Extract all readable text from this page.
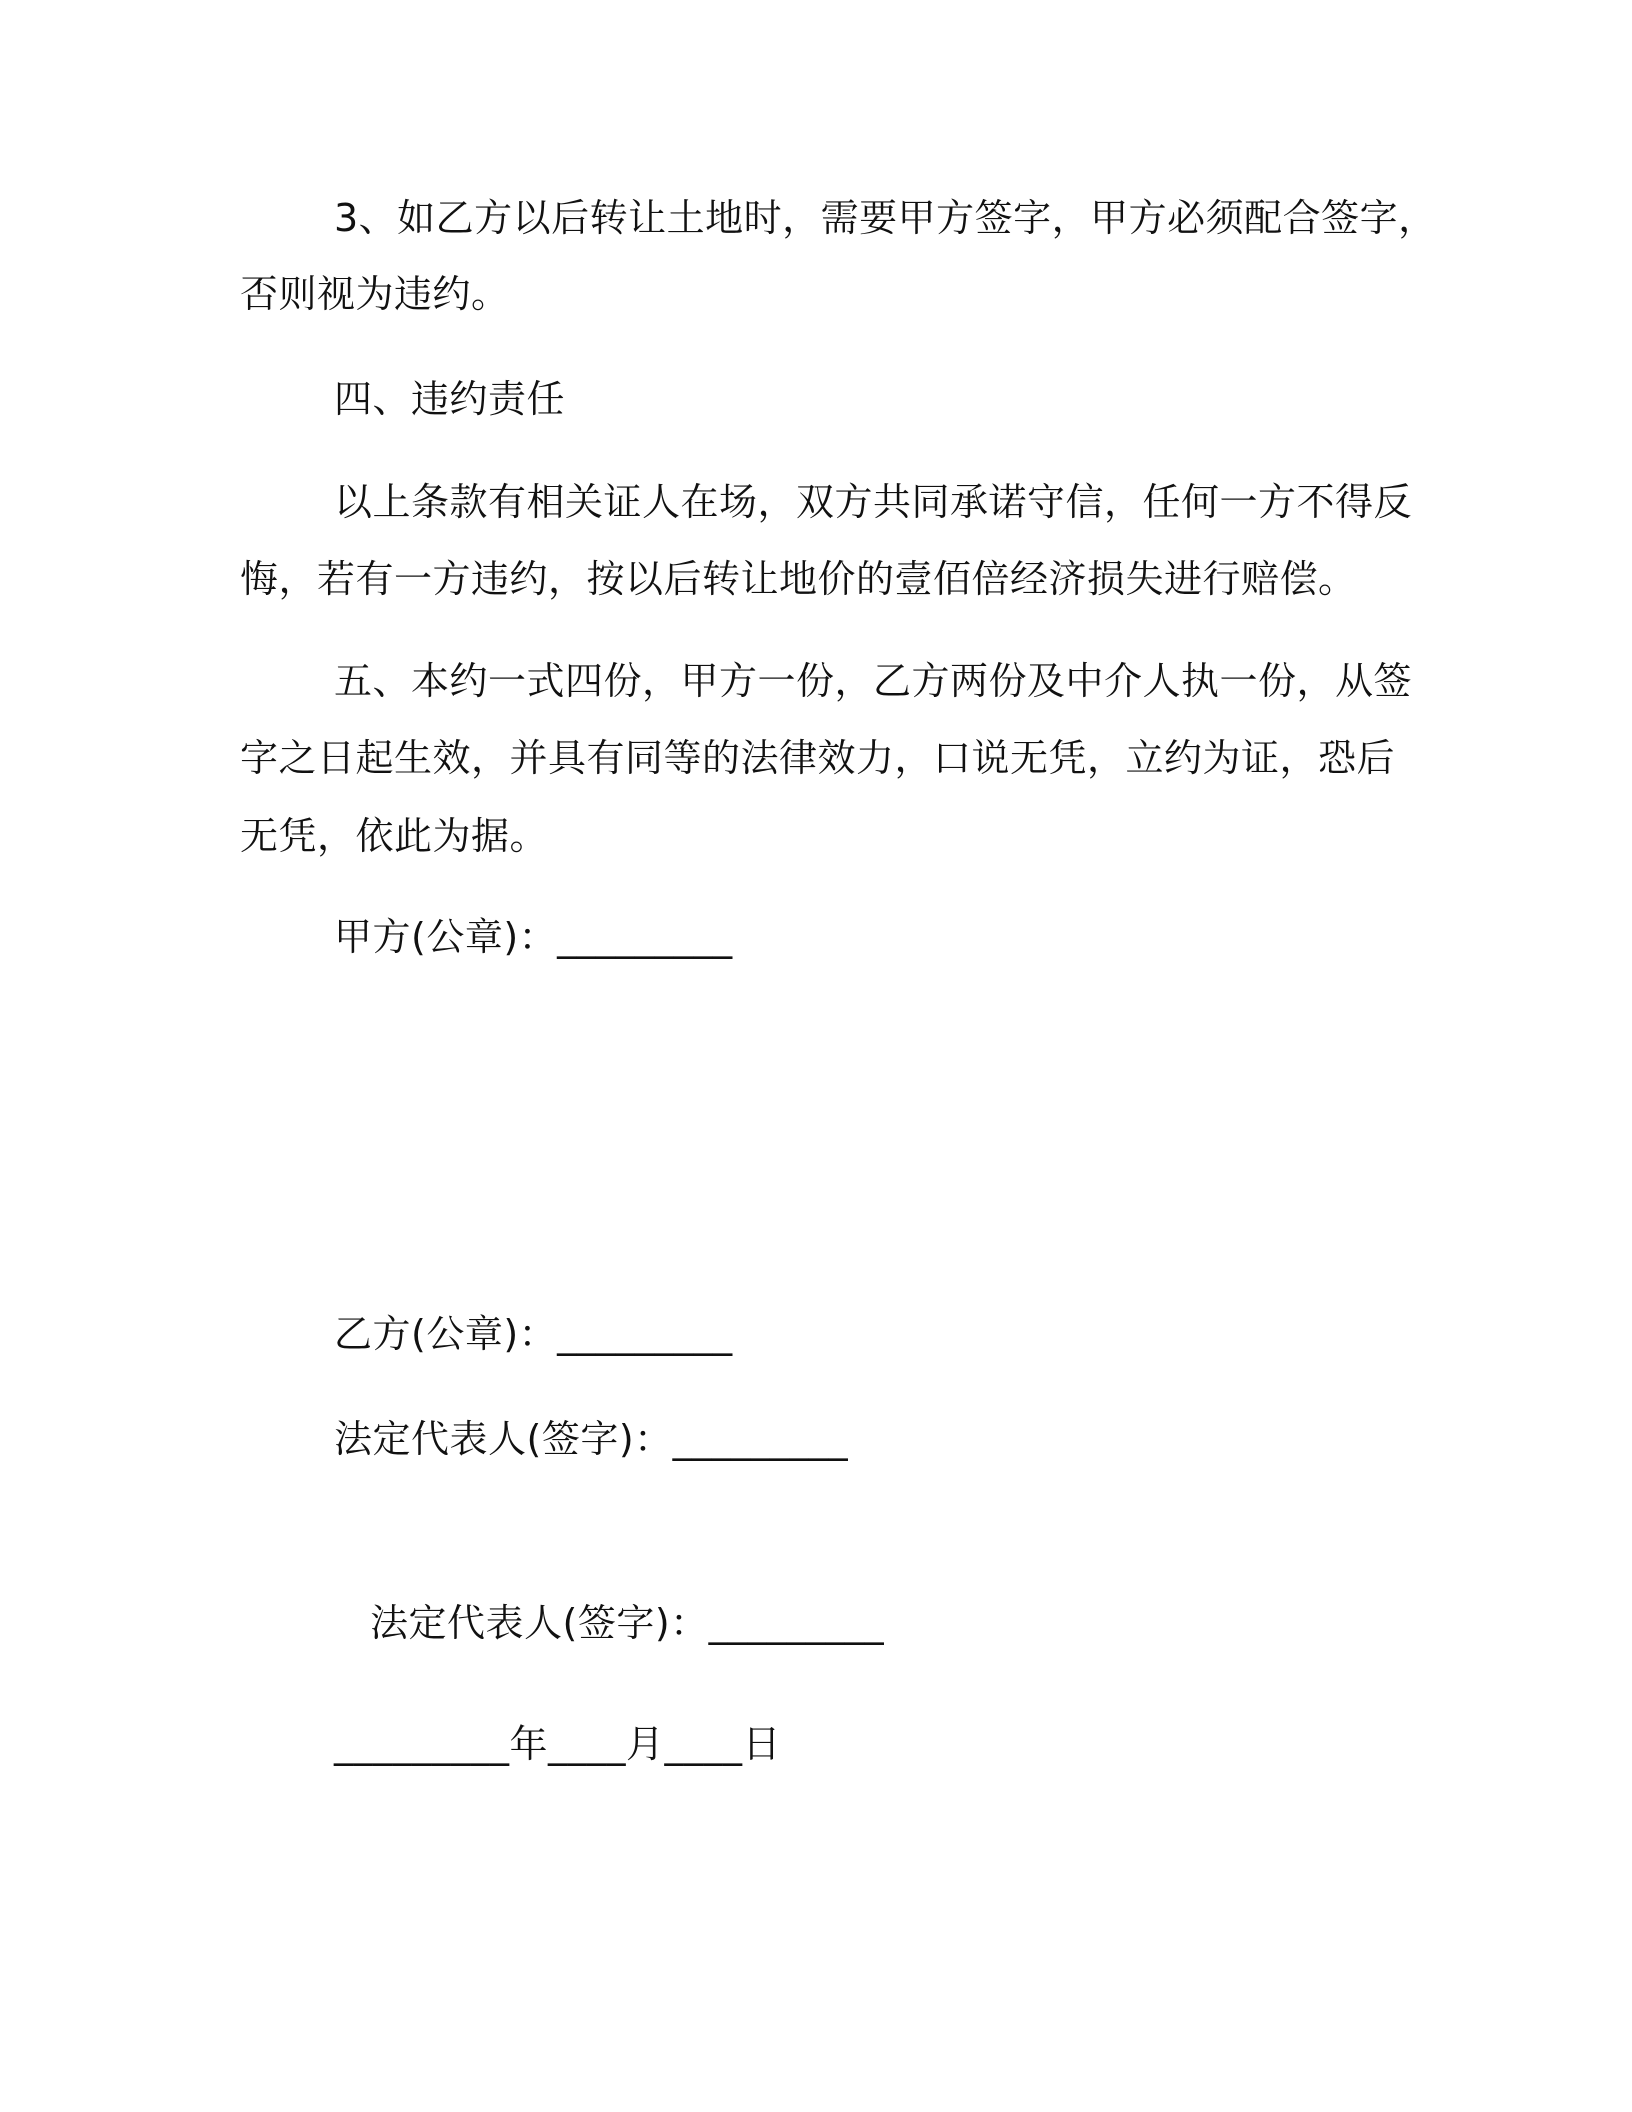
3、如乙方以后转让土地时，需要甲方签字，甲方必须配合签字，
否则视为违约。
四、违约责任
以上条款有相关证人在场，双方共同承诺守信，任何一方不得反
悔，若有一方违约，按以后转让地价的壹佰倍经济损失进行赔偿。
五、本约一式四份，甲方一份，乙方两份及中介人执一份，从签
字之日起生效，并具有同等的法律效力，口说无凭，立约为证，恐后
无凭，依此为据。
甲方(公章)：_________
乙方(公章)：_________
法定代表人(签字)：_________
法定代表人(签字)：_________
_________年____月____日
